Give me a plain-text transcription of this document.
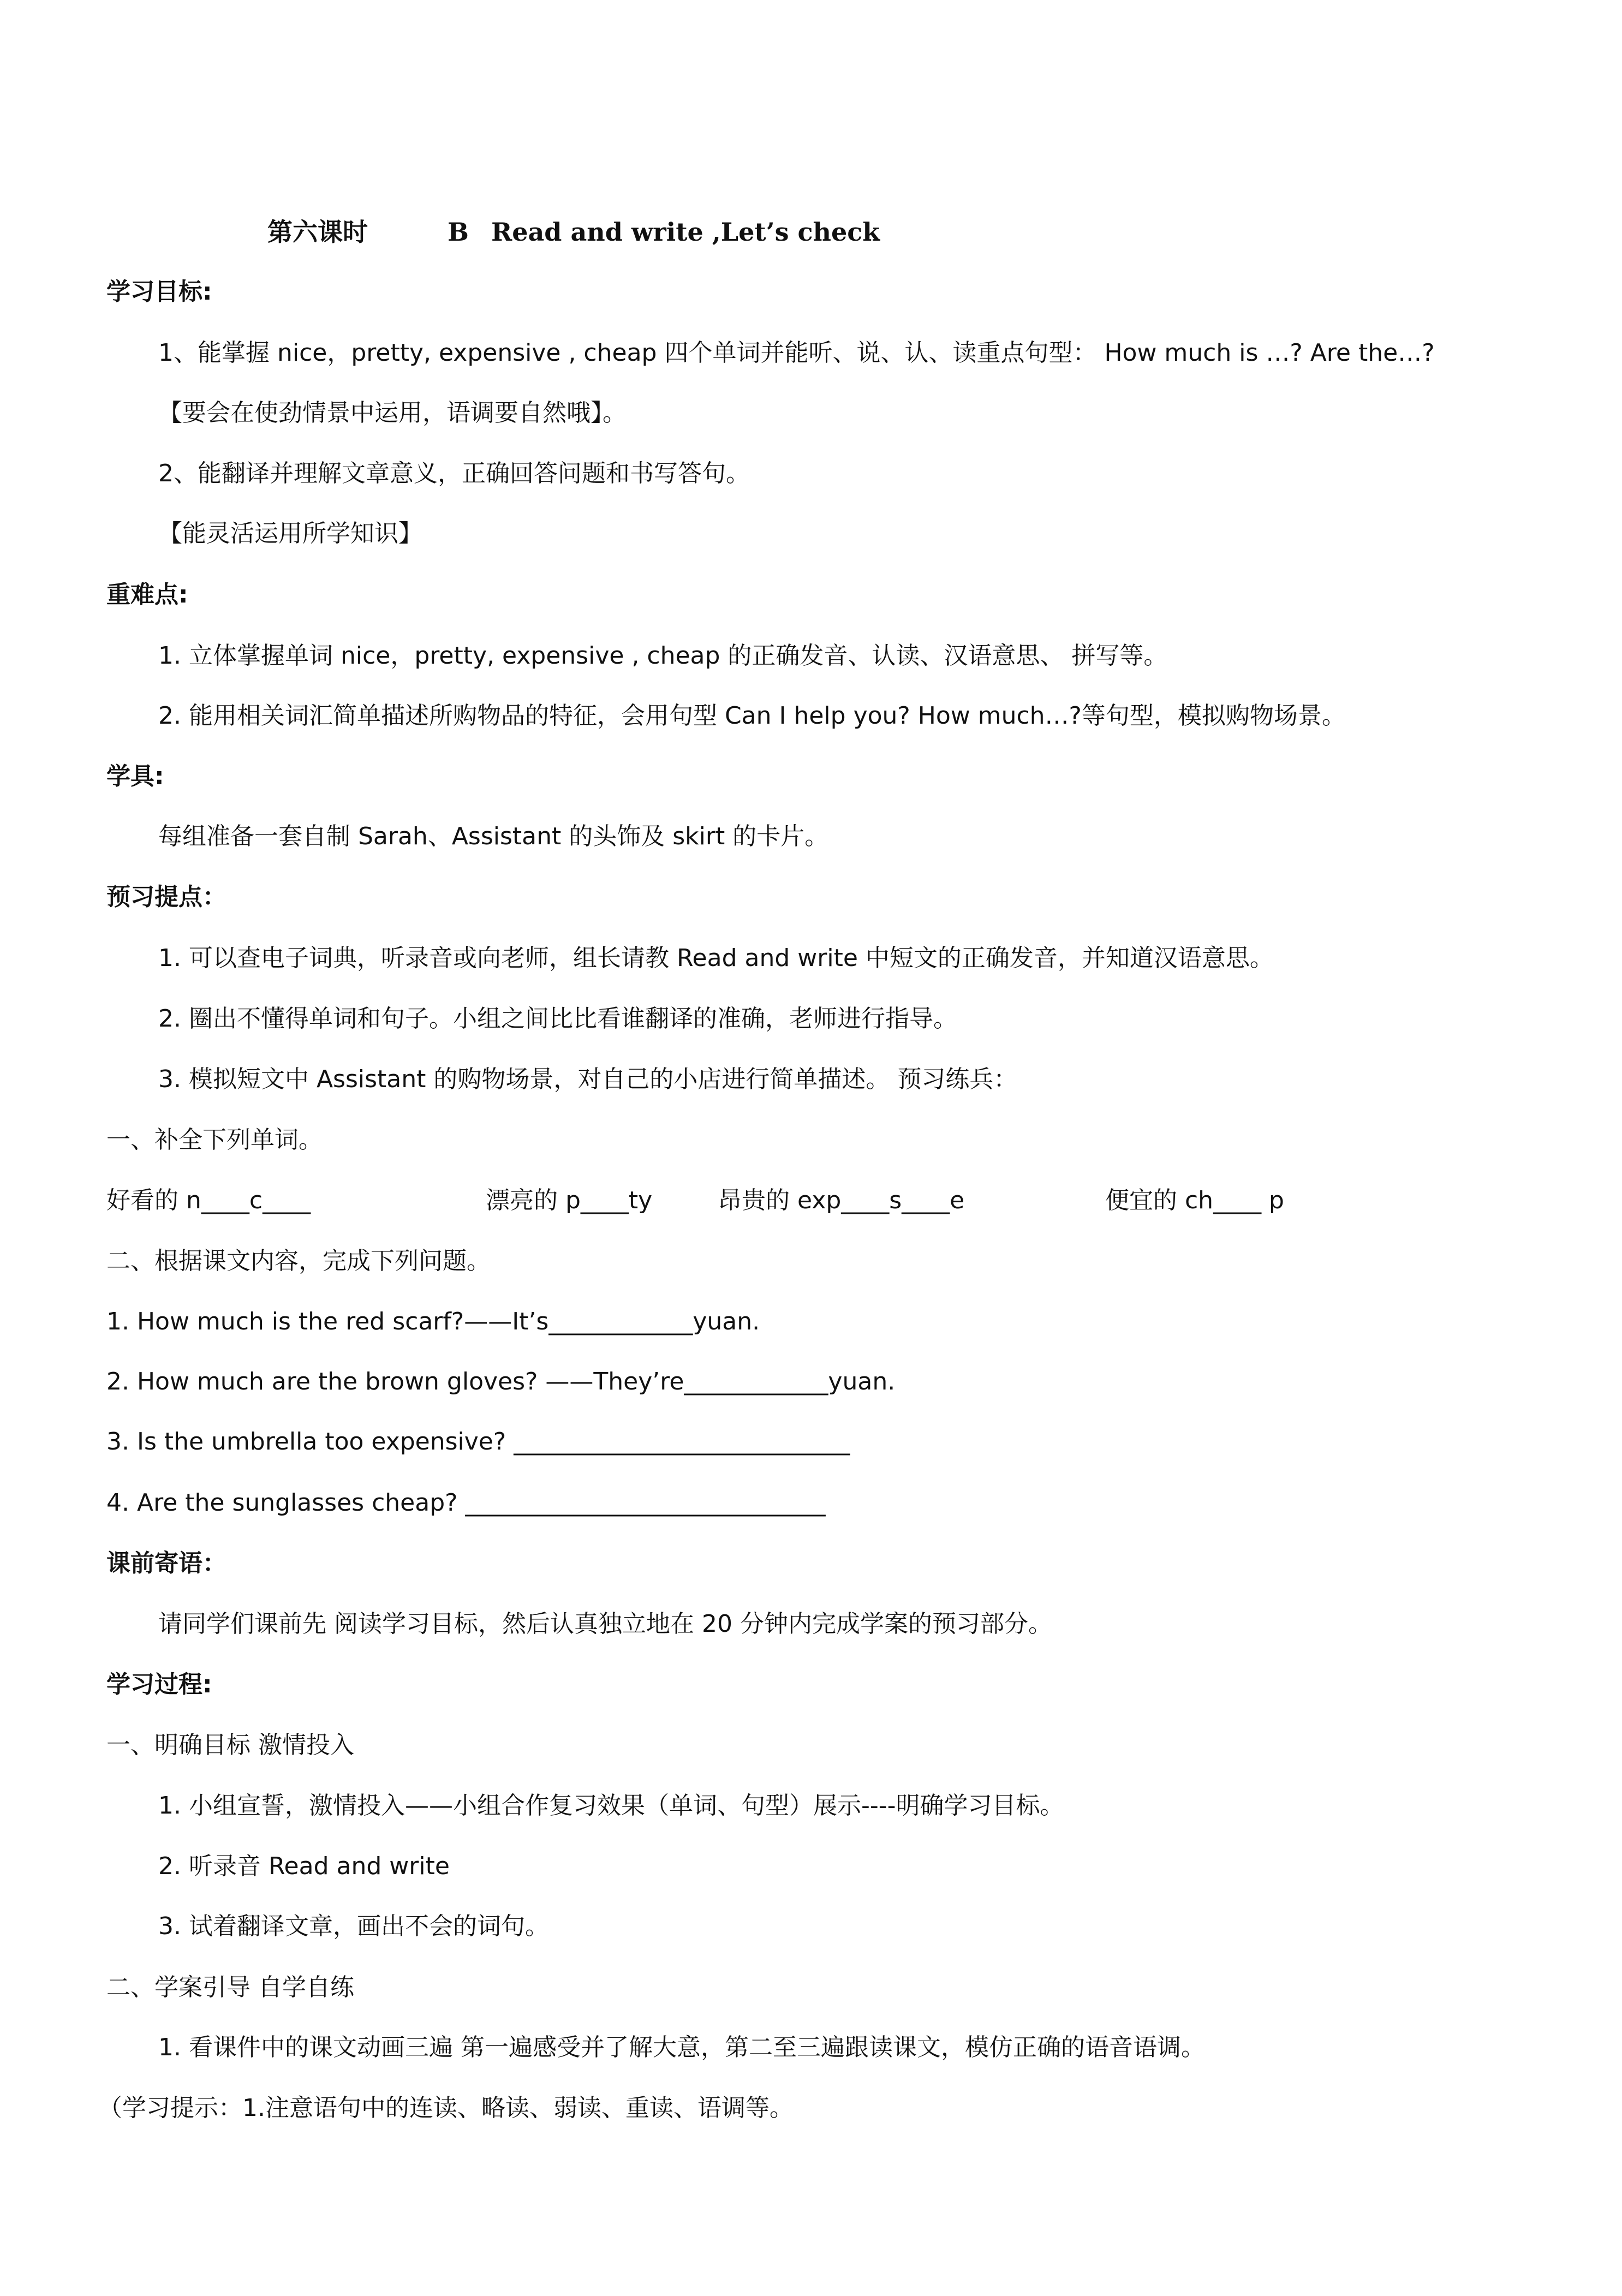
第六课时	B Read and write ,Let’s check
学习目标:
1、能掌握 nice，pretty, expensive , cheap 四个单词并能听、说、认、读重点句型： How much is …? Are the…?
【要会在使劲情景中运用，语调要自然哦】。
2、能翻译并理解文章意义，正确回答问题和书写答句。
【能灵活运用所学知识】
重难点:
1. 立体掌握单词 nice，pretty, expensive , cheap 的正确发音、认读、汉语意思、 拼写等。
2. 能用相关词汇简单描述所购物品的特征，会用句型 Can I help you? How much…?等句型，模拟购物场景。
学具:
每组准备一套自制 Sarah、Assistant 的头饰及 skirt 的卡片。
预习提点：
1. 可以查电子词典，听录音或向老师，组长请教 Read and write 中短文的正确发音，并知道汉语意思。
2. 圈出不懂得单词和句子。小组之间比比看谁翻译的准确，老师进行指导。
3. 模拟短文中 Assistant 的购物场景，对自己的小店进行简单描述。 预习练兵：
一、补全下列单词。
好看的 n____c____	漂亮的 p____ty	昂贵的 exp____s____e	便宜的 ch____ p
二、根据课文内容，完成下列问题。
1. How much is the red scarf?——It’s____________yuan.
2. How much are the brown gloves? ——They’re____________yuan.
3. Is the umbrella too expensive? ____________________________
4. Are the sunglasses cheap? ______________________________
课前寄语：
请同学们课前先 阅读学习目标，然后认真独立地在 20 分钟内完成学案的预习部分。
学习过程:
一、明确目标 激情投入
1. 小组宣誓，激情投入——小组合作复习效果（单词、句型）展示----明确学习目标。
2. 听录音 Read and write
3. 试着翻译文章，画出不会的词句。
二、学案引导 自学自练
1. 看课件中的课文动画三遍 第一遍感受并了解大意，第二至三遍跟读课文，模仿正确的语音语调。
（学习提示：1.注意语句中的连读、略读、弱读、重读、语调等。
